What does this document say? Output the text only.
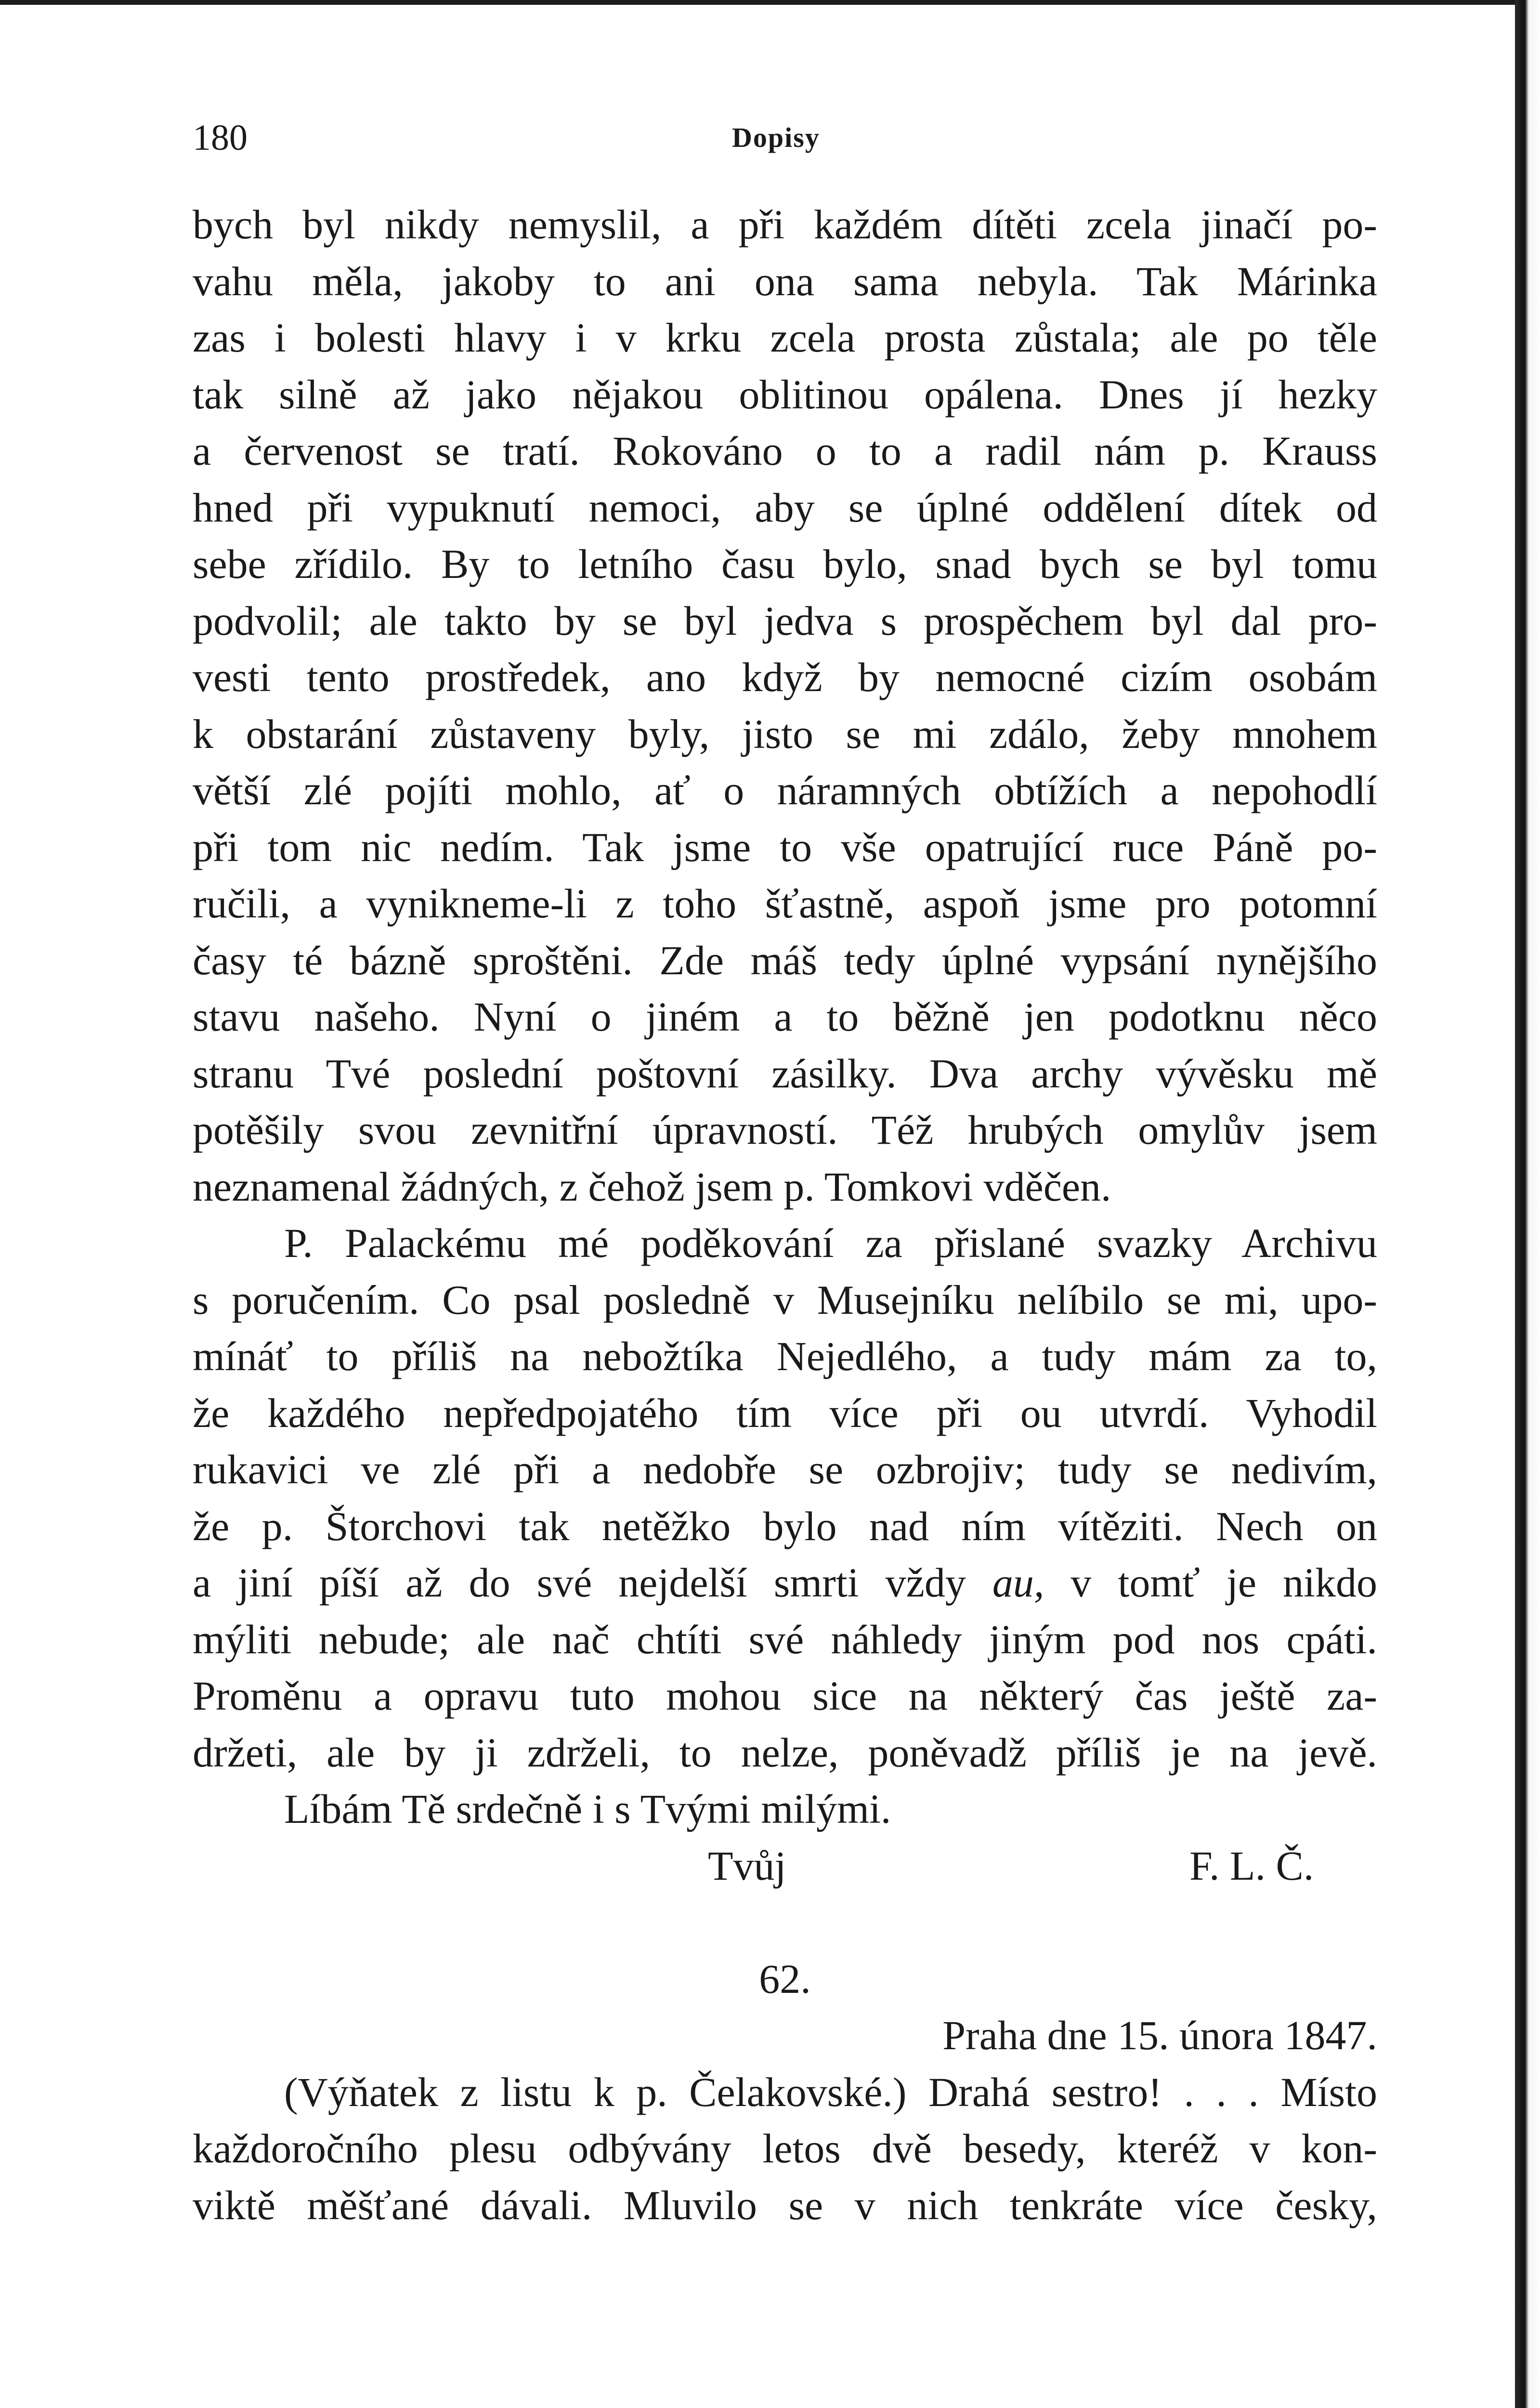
180	Dopisy
bych byl nikdy nemyslil, a při každém dítěti zcela jinačí po-
vahu měla, jakoby to ani ona sama nebyla. Tak Márinka
zas i bolesti hlavy i v krku zcela prosta zůstala; ale po těle
tak silně až jako nějakou oblitinou opálena. Dnes jí hezky
a červenost se tratí. Rokováno o to a radil nám p. Krauss
hned při vypuknutí nemoci, aby se úplné oddělení dítek od
sebe zřídilo. By to letního času bylo, snad bych se byl tomu
podvolil; ale takto by se byl jedva s prospěchem byl dal pro-
vesti tento prostředek, ano když by nemocné cizím osobám
k obstarání zůstaveny byly, jisto se mi zdálo, žeby mnohem
větší zlé pojíti mohlo, ať o náramných obtížích a nepohodlí
při tom nic nedím. Tak jsme to vše opatrující ruce Páně po-
ručili, a vynikneme-li z toho šťastně, aspoň jsme pro potomní
časy té bázně sproštěni. Zde máš tedy úplné vypsání nynějšího
stavu našeho. Nyní o jiném a to běžně jen podotknu něco
stranu Tvé poslední poštovní zásilky. Dva archy vývěsku mě
potěšily svou zevnitřní úpravností. Též hrubých omylův jsem
neznamenal žádných, z čehož jsem p. Tomkovi vděčen.
P. Palackému mé poděkování za přislané svazky Archivu
s poručením. Co psal posledně v Musejníku nelíbilo se mi, upo-
mínáť to příliš na nebožtíka Nejedlého, a tudy mám za to,
že každého nepředpojatého tím více při ou utvrdí. Vyhodil
rukavici ve zlé při a nedobře se ozbrojiv; tudy se nedivím,
že p. Štorchovi tak netěžko bylo nad ním vítěziti. Nech on
a jiní píší až do své nejdelší smrti vždy au, v tomť je nikdo
mýliti nebude; ale nač chtíti své náhledy jiným pod nos cpáti.
Proměnu a opravu tuto mohou sice na některý čas ještě za-
držeti, ale by ji zdrželi, to nelze, poněvadž příliš je na jevě.
Líbám Tě srdečně i s Tvými milými.
Tvůj	F. L. Č.
62.
Praha dne 15. února 1847.
(Výňatek z listu k p. Čelakovské.) Drahá sestro! . . . Místo
každoročního plesu odbývány letos dvě besedy, kteréž v kon-
viktě měšťané dávali. Mluvilo se v nich tenkráte více česky,
